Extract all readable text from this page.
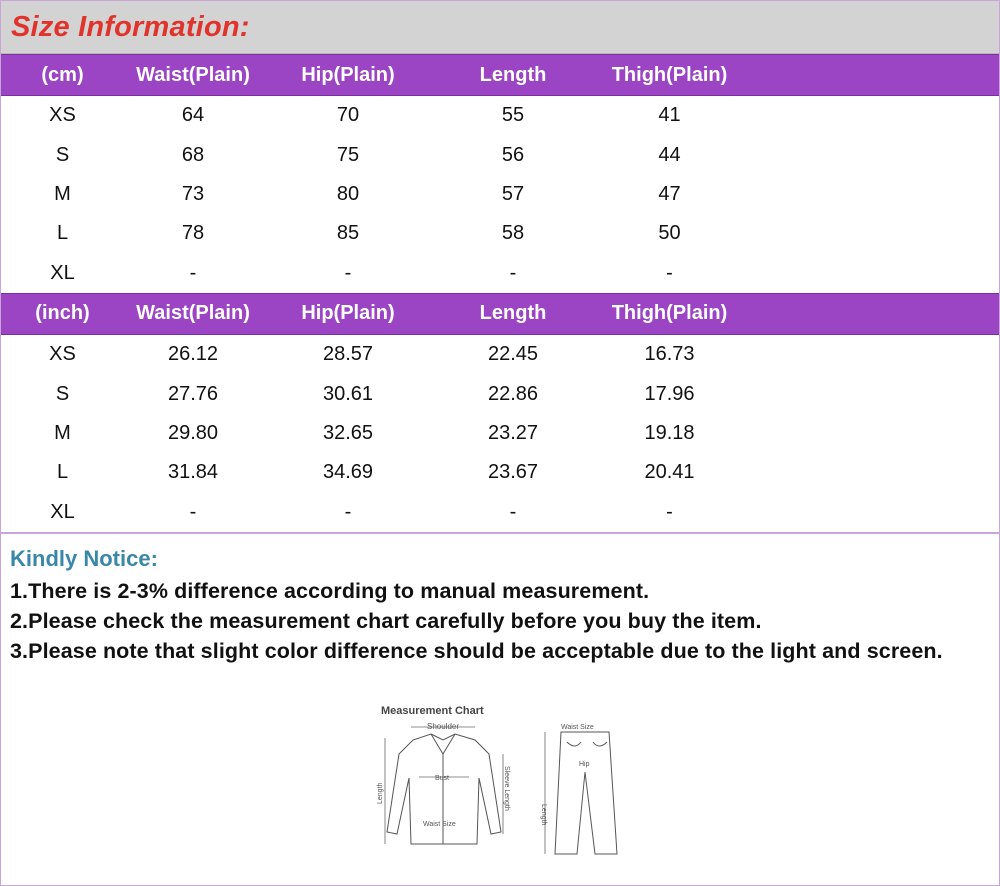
Size Information:
(cm)	Waist(Plain)	Hip(Plain)	Length	Thigh(Plain)	
XS	64	70	55	41	
S	68	75	56	44	
M	73	80	57	47	
L	78	85	58	50	
XL	-	-	-	-	
(inch)	Waist(Plain)	Hip(Plain)	Length	Thigh(Plain)	
XS	26.12	28.57	22.45	16.73	
S	27.76	30.61	22.86	17.96	
M	29.80	32.65	23.27	19.18	
L	31.84	34.69	23.67	20.41	
XL	-	-	-	-	
Kindly Notice:
1.There is 2-3% difference according to manual measurement.
2.Please check the measurement chart carefully before you buy the item.
3.Please note that slight color difference should be acceptable due to the light and screen.
Measurement Chart
Shoulder
Length
Bust	Sleeve Length
Waist Size
Waist Size
Hip
Length
